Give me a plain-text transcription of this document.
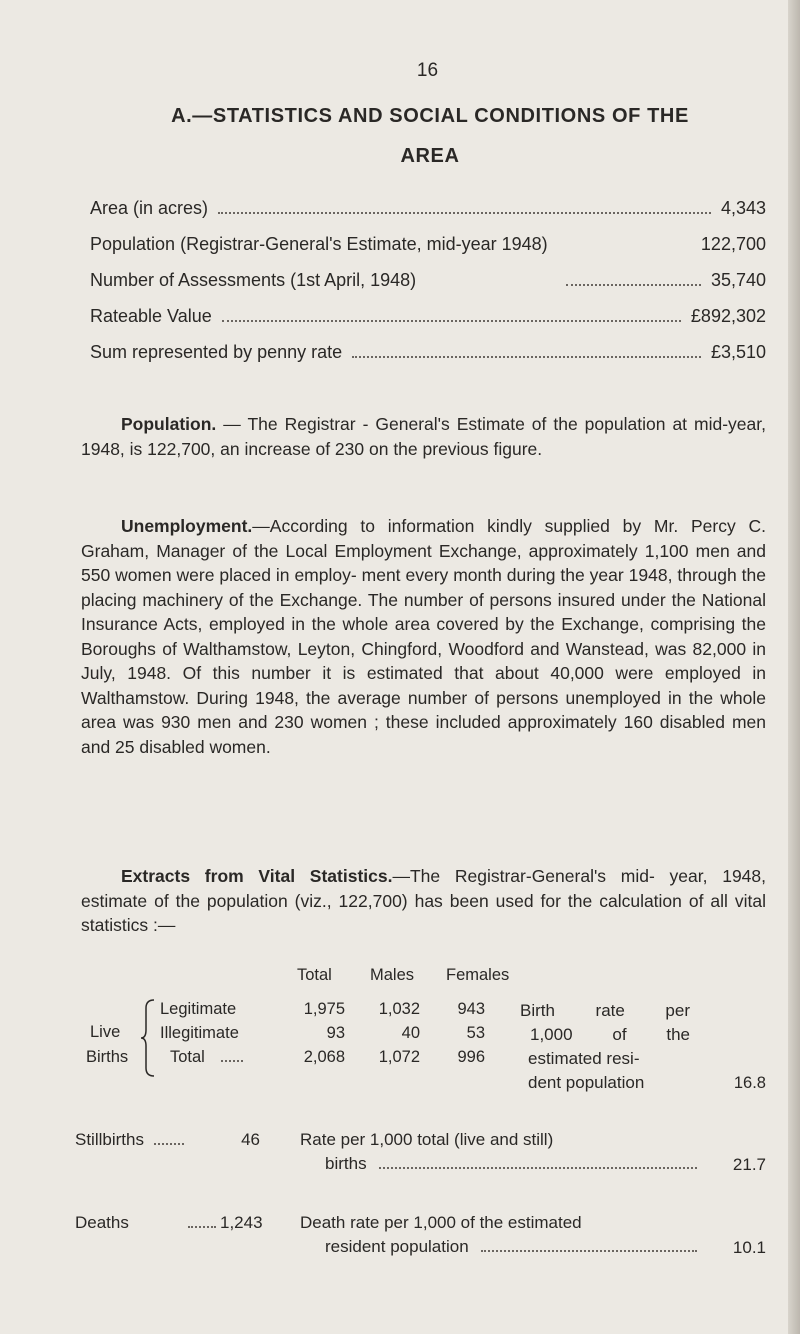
16
A.—STATISTICS AND SOCIAL CONDITIONS OF THE
AREA
Area (in acres)	4,343
Population (Registrar-General's Estimate, mid-year 1948)	122,700
Number of Assessments (1st April, 1948)	35,740
Rateable Value	£892,302
Sum represented by penny rate	£3,510
Population. — The Registrar - General's Estimate of the population at mid-year, 1948, is 122,700, an increase of 230 on the previous figure.
Unemployment.—According to information kindly supplied by Mr. Percy C. Graham, Manager of the Local Employment Exchange, approximately 1,100 men and 550 women were placed in employ- ment every month during the year 1948, through the placing machinery of the Exchange. The number of persons insured under the National Insurance Acts, employed in the whole area covered by the Exchange, comprising the Boroughs of Walthamstow, Leyton, Chingford, Woodford and Wanstead, was 82,000 in July, 1948. Of this number it is estimated that about 40,000 were employed in Walthamstow. During 1948, the average number of persons unemployed in the whole area was 930 men and 230 women ; these included approximately 160 disabled men and 25 disabled women.
Extracts from Vital Statistics.—The Registrar-General's mid- year, 1948, estimate of the population (viz., 122,700) has been used for the calculation of all vital statistics :—
Total Males Females
Live
Births
Legitimate	1,975	1,032	943
Illegitimate	93	40	53
Total	2,068	1,072	996
Birth rate per
1,000 of the
estimated resi-
dent population	16.8
Stillbirths	46 Rate per 1,000 total (live and still)
births	21.7
Deaths	1,243 Death rate per 1,000 of the estimated
resident population	10.1
